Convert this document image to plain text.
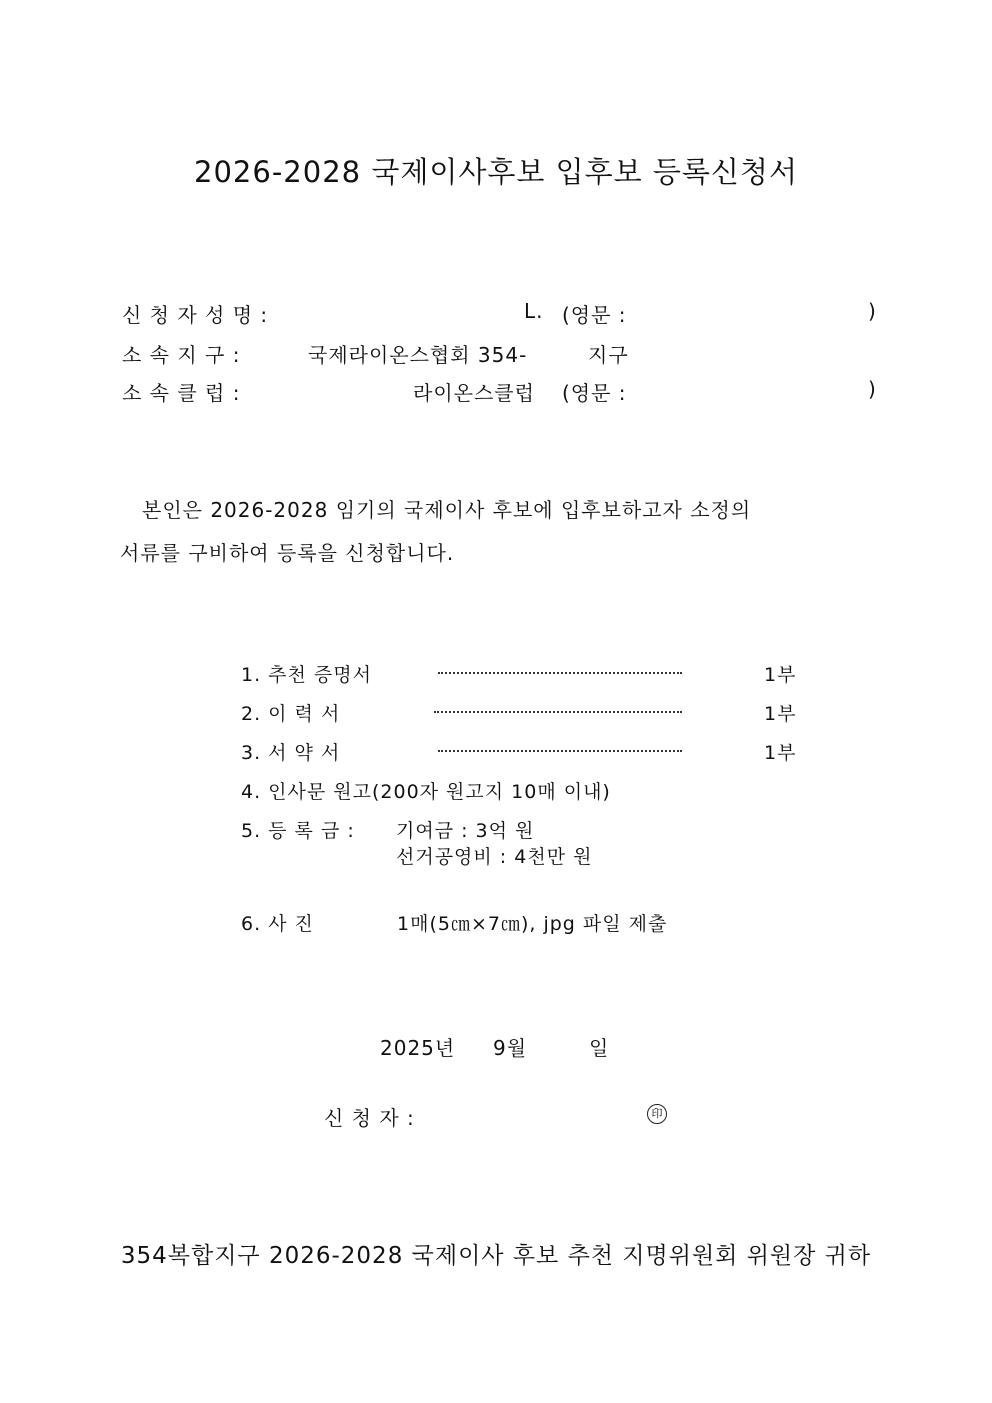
2026-2028 국제이사후보 입후보 등록신청서
신 청 자 성 명 :	L. (영문 :	)
소 속 지 구 :	국제라이온스협회 354-	지구
소 속 클 럽 :	라이온스클럽 (영문 :	)
본인은 2026-2028 임기의 국제이사 후보에 입후보하고자 소정의
서류를 구비하여 등록을 신청합니다.
1. 추천 증명서	1부
2. 이 력 서	1부
3. 서 약 서	1부
4. 인사문 원고(200자 원고지 10매 이내)
5. 등 록 금 : 기여금 : 3억 원
선거공영비 : 4천만 원
6. 사 진	1매(5㎝×7㎝), jpg 파일 제출
2025년 9월	일
신 청 자 :	印
354복합지구 2026-2028 국제이사 후보 추천 지명위원회 위원장 귀하
